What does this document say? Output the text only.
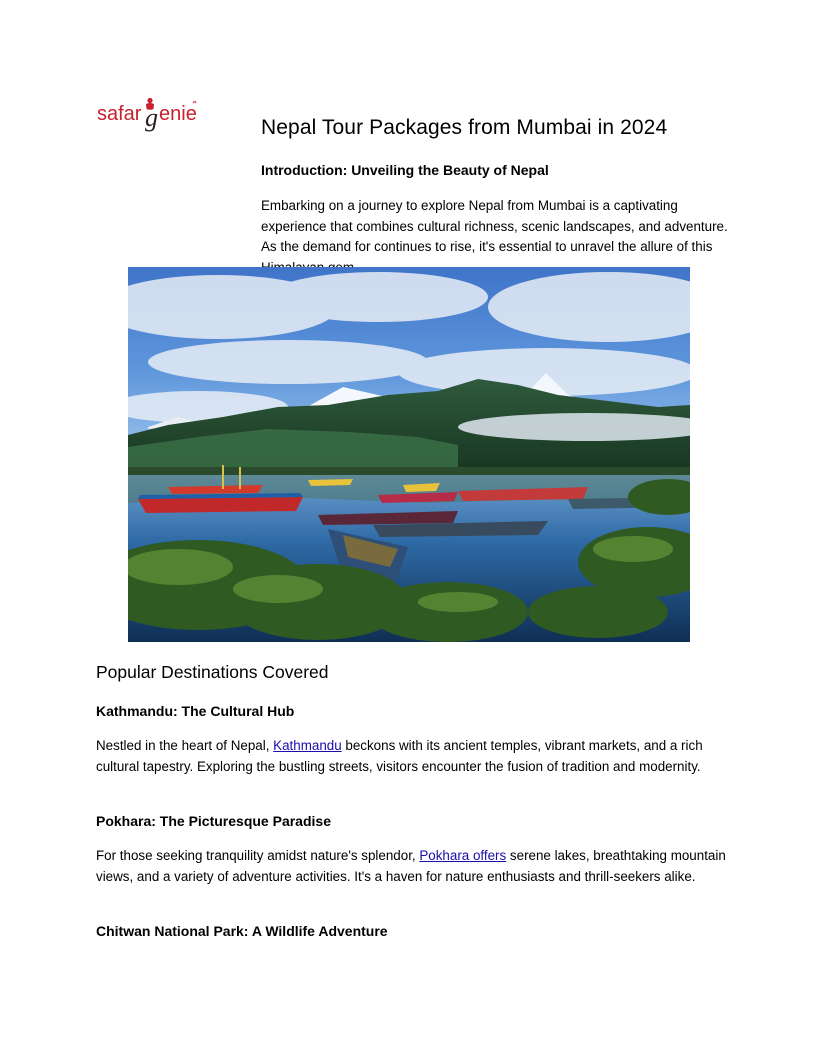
safar g enie
Nepal Tour Packages from Mumbai in 2024
Introduction: Unveiling the Beauty of Nepal

Embarking on a journey to explore Nepal from Mumbai is a captivating experience that combines cultural richness, scenic landscapes, and adventure. As the demand for continues to rise, it's essential to unravel the allure of this

Popular Destinations Covered
Kathmandu: The Cultural Hub

Nestled in the heart of Nepal, Kathmandu beckons with its ancient temples, vibrant markets, and a rich cultural tapestry. Exploring the bustling streets, visitors encounter the fusion of tradition and modernity.

Pokhara: The Picturesque Paradise

For those seeking tranquility amidst nature's splendor, Pokhara offers serene lakes, breathtaking mountain views, and a variety of adventure activities. It's a haven for nature enthusiasts and thrill-seekers alike.

Chitwan National Park: A Wildlife Adventure
